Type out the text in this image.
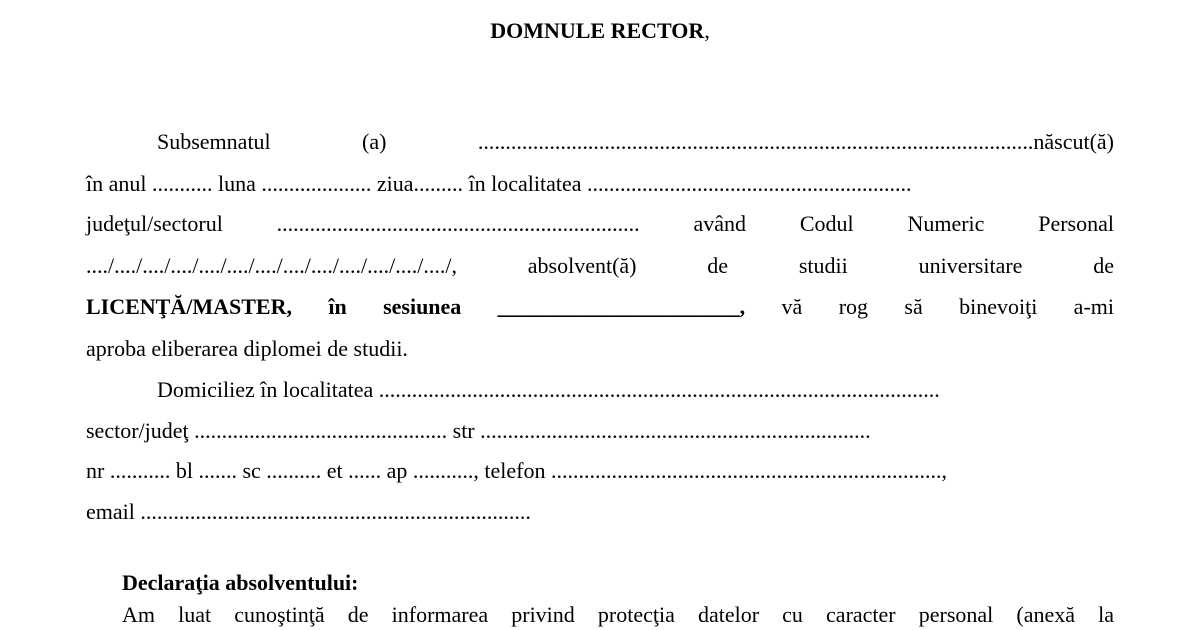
DOMNULE RECTOR,
Subsemnatul (a) .....................................................................................................născut(ă)
în anul ........... luna .................... ziua......... în localitatea ...........................................................
judeţul/sectorul .................................................................. având Codul Numeric Personal
..../..../..../..../..../..../..../..../..../..../..../..../..../, absolvent(ă) de studii universitare de
LICENŢĂ/MASTER, în sesiunea ______________________, vă rog să binevoiţi a-mi
aproba eliberarea diplomei de studii.
Domiciliez în localitatea ......................................................................................................
sector/judeţ .............................................. str .......................................................................
nr ........... bl ....... sc .......... et ...... ap ..........., telefon .......................................................................,
email .......................................................................
Declaraţia absolventului:
Am luat cunoştinţă de informarea privind protecţia datelor cu caracter personal (anexă la
